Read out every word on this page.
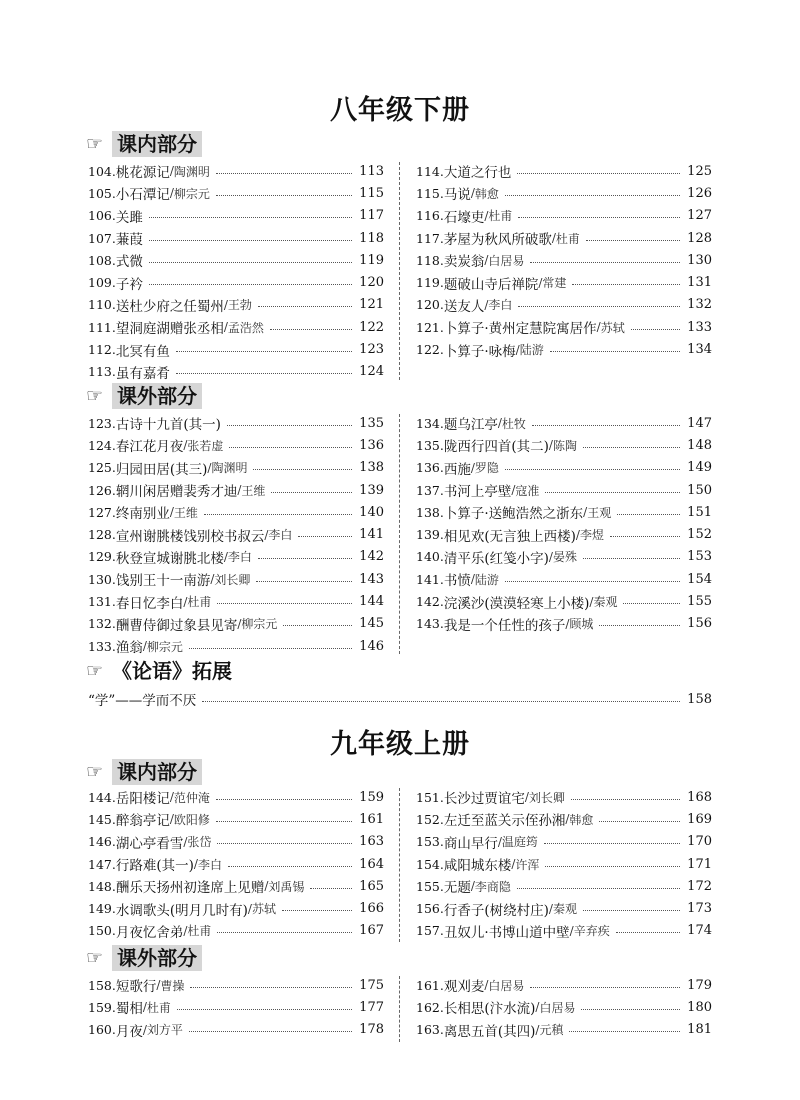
八年级下册
☞ 课内部分
104. 桃花源记 / 陶渊明	113
105. 小石潭记 / 柳宗元	115
106. 关雎	117
107. 蒹葭	118
108. 式微	119
109. 子衿	120
110. 送杜少府之任蜀州 / 王勃	121
111. 望洞庭湖赠张丞相 / 孟浩然	122
112. 北冥有鱼	123
113. 虽有嘉肴	124
114. 大道之行也	125
115. 马说 / 韩愈	126
116. 石壕吏 / 杜甫	127
117. 茅屋为秋风所破歌 / 杜甫	128
118. 卖炭翁 / 白居易	130
119. 题破山寺后禅院 / 常建	131
120. 送友人 / 李白	132
121. 卜算子·黄州定慧院寓居作 / 苏轼	133
122. 卜算子·咏梅 / 陆游	134
☞ 课外部分
123. 古诗十九首(其一)	135
124. 春江花月夜 / 张若虚	136
125. 归园田居(其三) / 陶渊明	138
126. 辋川闲居赠裴秀才迪 / 王维	139
127. 终南别业 / 王维	140
128. 宣州谢朓楼饯别校书叔云 / 李白	141
129. 秋登宣城谢朓北楼 / 李白	142
130. 饯别王十一南游 / 刘长卿	143
131. 春日忆李白 / 杜甫	144
132. 酬曹侍御过象县见寄 / 柳宗元	145
133. 渔翁 / 柳宗元	146
134. 题乌江亭 / 杜牧	147
135. 陇西行四首(其二) / 陈陶	148
136. 西施 / 罗隐	149
137. 书河上亭壁 / 寇准	150
138. 卜算子·送鲍浩然之浙东 / 王观	151
139. 相见欢(无言独上西楼) / 李煜	152
140. 清平乐(红笺小字) / 晏殊	153
141. 书愤 / 陆游	154
142. 浣溪沙(漠漠轻寒上小楼) / 秦观	155
143. 我是一个任性的孩子 / 顾城	156
☞ 《论语》拓展
“学”——学而不厌	158
九年级上册
☞ 课内部分
144. 岳阳楼记 / 范仲淹	159
145. 醉翁亭记 / 欧阳修	161
146. 湖心亭看雪 / 张岱	163
147. 行路难(其一) / 李白	164
148. 酬乐天扬州初逢席上见赠 / 刘禹锡	165
149. 水调歌头(明月几时有) / 苏轼	166
150. 月夜忆舍弟 / 杜甫	167
151. 长沙过贾谊宅 / 刘长卿	168
152. 左迁至蓝关示侄孙湘 / 韩愈	169
153. 商山早行 / 温庭筠	170
154. 咸阳城东楼 / 许浑	171
155. 无题 / 李商隐	172
156. 行香子(树绕村庄) / 秦观	173
157. 丑奴儿·书博山道中壁 / 辛弃疾	174
☞ 课外部分
158. 短歌行 / 曹操	175
159. 蜀相 / 杜甫	177
160. 月夜 / 刘方平	178
161. 观刈麦 / 白居易	179
162. 长相思(汴水流) / 白居易	180
163. 离思五首(其四) / 元稹	181
